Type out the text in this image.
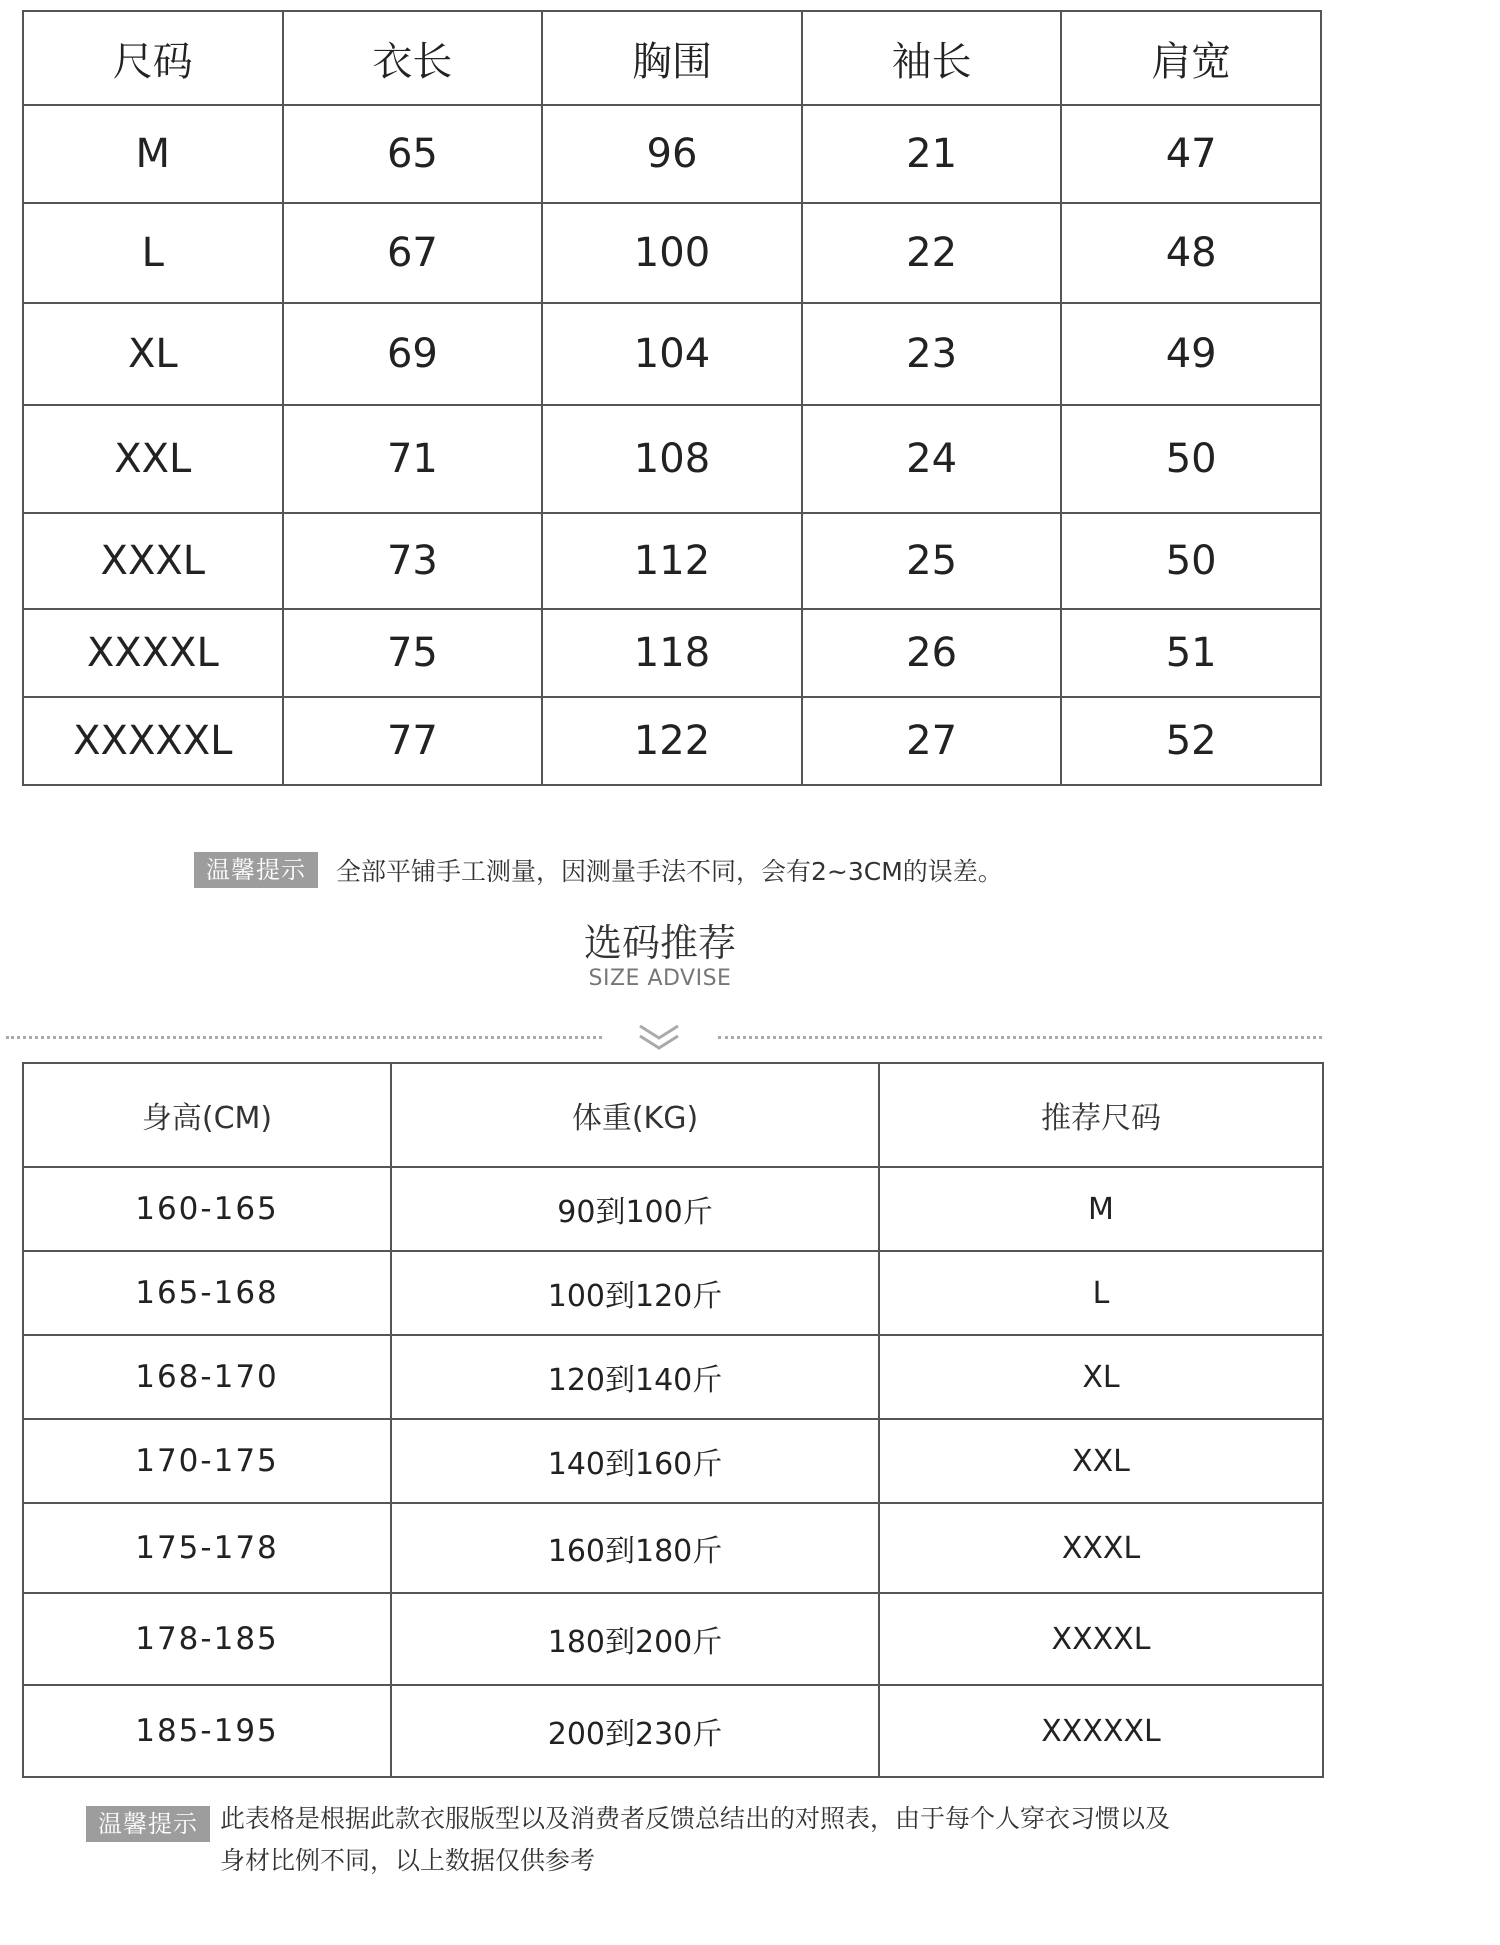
尺码	衣长	胸围	袖长	肩宽
M	65	96	21	47
L	67	100	22	48
XL	69	104	23	49
XXL	71	108	24	50
XXXL	73	112	25	50
XXXXL	75	118	26	51
XXXXXL	77	122	27	52
温馨提示	全部平铺手工测量，因测量手法不同，会有2~3CM的误差。
选码推荐
SIZE ADVISE
身高(CM)	体重(KG)	推荐尺码
160-165	90到100斤	M
165-168	100到120斤	L
168-170	120到140斤	XL
170-175	140到160斤	XXL
175-178	160到180斤	XXXL
178-185	180到200斤	XXXXL
185-195	200到230斤	XXXXXL
温馨提示 此表格是根据此款衣服版型以及消费者反馈总结出的对照表，由于每个人穿衣习惯以及
身材比例不同，以上数据仅供参考
